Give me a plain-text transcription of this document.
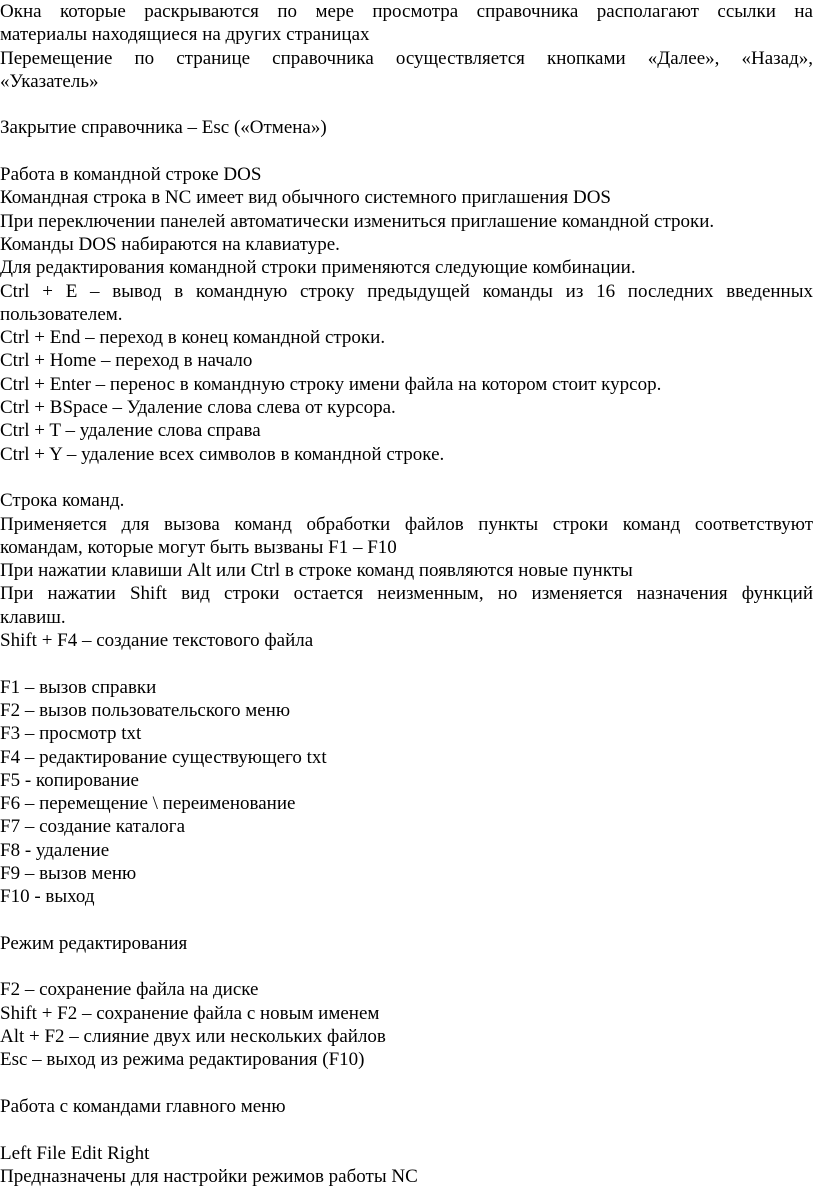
Окна которые раскрываются по мере просмотра справочника располагают ссылки на
материалы находящиеся на других страницах
Перемещение по странице справочника осуществляется кнопками «Далее», «Назад»,
«Указатель»
Закрытие справочника – Esc («Отмена»)
Работа в командной строке DOS
Командная строка в NC имеет вид обычного системного приглашения DOS
При переключении панелей автоматически измениться приглашение командной строки.
Команды DOS набираются на клавиатуре.
Для редактирования командной строки применяются следующие комбинации.
Ctrl + E – вывод в командную строку предыдущей команды из 16 последних введенных
пользователем.
Ctrl + End – переход в конец командной строки.
Ctrl + Home – переход в начало
Ctrl + Enter – перенос в командную строку имени файла на котором стоит курсор.
Ctrl + BSpace – Удаление слова слева от курсора.
Ctrl + T – удаление слова справа
Ctrl + Y – удаление всех символов в командной строке.
Строка команд.
Применяется для вызова команд обработки файлов пункты строки команд соответствуют
командам, которые могут быть вызваны F1 – F10
При нажатии клавиши Alt или Ctrl в строке команд появляются новые пункты
При нажатии Shift вид строки остается неизменным, но изменяется назначения функций
клавиш.
Shift + F4 – создание текстового файла
F1 – вызов справки
F2 – вызов пользовательского меню
F3 – просмотр txt
F4 – редактирование существующего txt
F5 - копирование
F6 – перемещение \ переименование
F7 – создание каталога
F8 - удаление
F9 – вызов меню
F10 - выход
Режим редактирования
F2 – сохранение файла на диске
Shift + F2 – сохранение файла с новым именем
Alt + F2 – слияние двух или нескольких файлов
Esc – выход из режима редактирования (F10)
Работа с командами главного меню
Left File Edit Right
Предназначены для настройки режимов работы NC
